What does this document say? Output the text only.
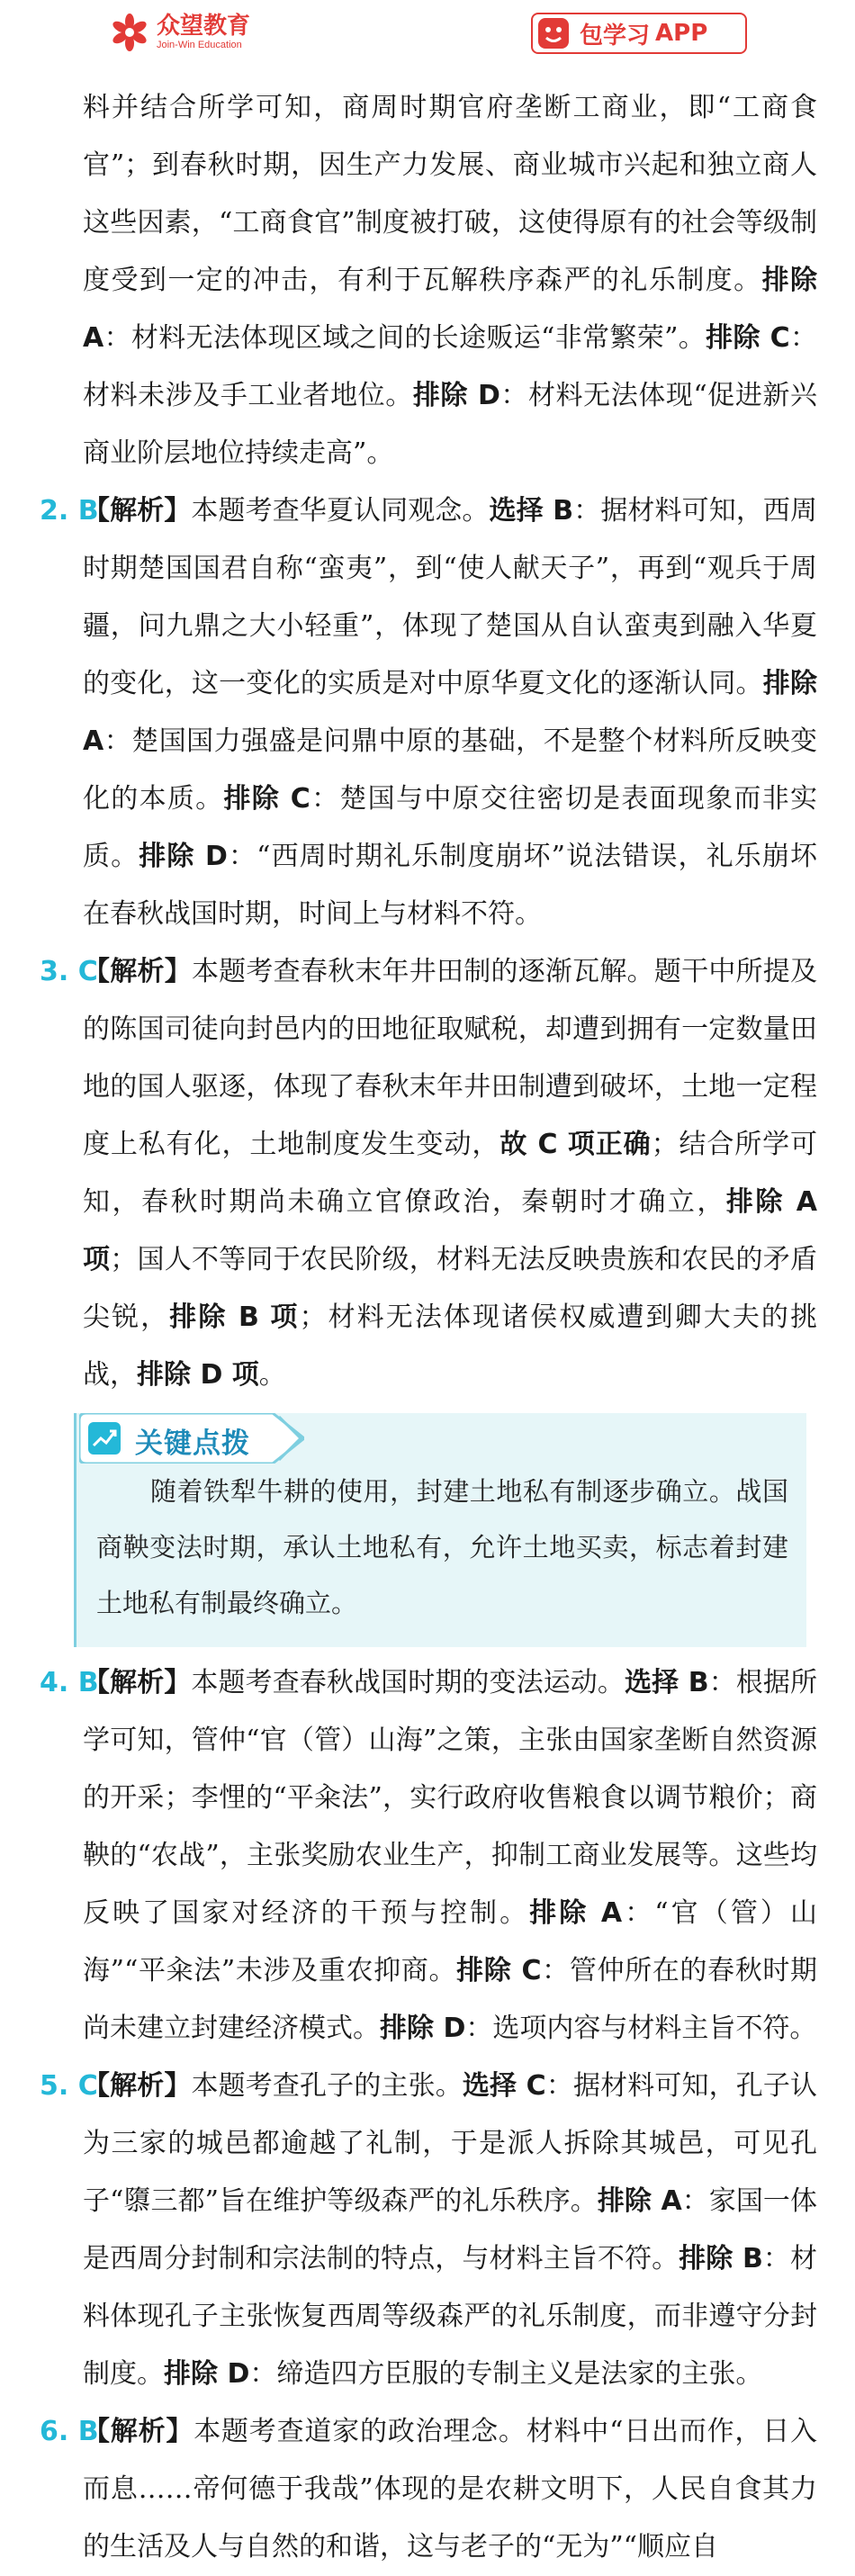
众望教育
Join-Win Education	包学习 APP

料并结合所学可知，商周时期官府垄断工商业，即“工商食官”；到春秋时期，因生产力发展、商业城市兴起和独立商人这些因素，“工商食官”制度被打破，这使得原有的社会等级制度受到一定的冲击，有利于瓦解秩序森严的礼乐制度。排除 A：材料无法体现区域之间的长途贩运“非常繁荣”。排除 C：材料未涉及手工业者地位。排除 D：材料无法体现“促进新兴商业阶层地位持续走高”。

2. B
【解析】本题考查华夏认同观念。选择 B：据材料可知，西周时期楚国国君自称“蛮夷”，到“使人献天子”，再到“观兵于周疆，问九鼎之大小轻重”，体现了楚国从自认蛮夷到融入华夏的变化，这一变化的实质是对中原华夏文化的逐渐认同。排除 A：楚国国力强盛是问鼎中原的基础，不是整个材料所反映变化的本质。排除 C：楚国与中原交往密切是表面现象而非实质。排除 D：“西周时期礼乐制度崩坏”说法错误，礼乐崩坏在春秋战国时期，时间上与材料不符。

3. C
【解析】本题考查春秋末年井田制的逐渐瓦解。题干中所提及的陈国司徒向封邑内的田地征取赋税，却遭到拥有一定数量田地的国人驱逐，体现了春秋末年井田制遭到破坏，土地一定程度上私有化，土地制度发生变动，故 C 项正确；结合所学可知，春秋时期尚未确立官僚政治，秦朝时才确立，排除 A 项；国人不等同于农民阶级，材料无法反映贵族和农民的矛盾尖锐，排除 B 项；材料无法体现诸侯权威遭到卿大夫的挑战，排除 D 项。

关键点拨
随着铁犁牛耕的使用，封建土地私有制逐步确立。战国商鞅变法时期，承认土地私有，允许土地买卖，标志着封建土地私有制最终确立。

4. B
【解析】本题考查春秋战国时期的变法运动。选择 B：根据所学可知，管仲“官（管）山海”之策，主张由国家垄断自然资源的开采；李悝的“平籴法”，实行政府收售粮食以调节粮价；商鞅的“农战”，主张奖励农业生产，抑制工商业发展等。这些均反映了国家对经济的干预与控制。排除 A：“官（管）山海”“平籴法”未涉及重农抑商。排除 C：管仲所在的春秋时期尚未建立封建经济模式。排除 D：选项内容与材料主旨不符。

5. C
【解析】本题考查孔子的主张。选择 C：据材料可知，孔子认为三家的城邑都逾越了礼制，于是派人拆除其城邑，可见孔子“隳三都”旨在维护等级森严的礼乐秩序。排除 A：家国一体是西周分封制和宗法制的特点，与材料主旨不符。排除 B：材料体现孔子主张恢复西周等级森严的礼乐制度，而非遵守分封制度。排除 D：缔造四方臣服的专制主义是法家的主张。

6. B
【解析】本题考查道家的政治理念。材料中“日出而作，日入而息……帝何德于我哉”体现的是农耕文明下，人民自食其力的生活及人与自然的和谐，这与老子的“无为”“顺应自
